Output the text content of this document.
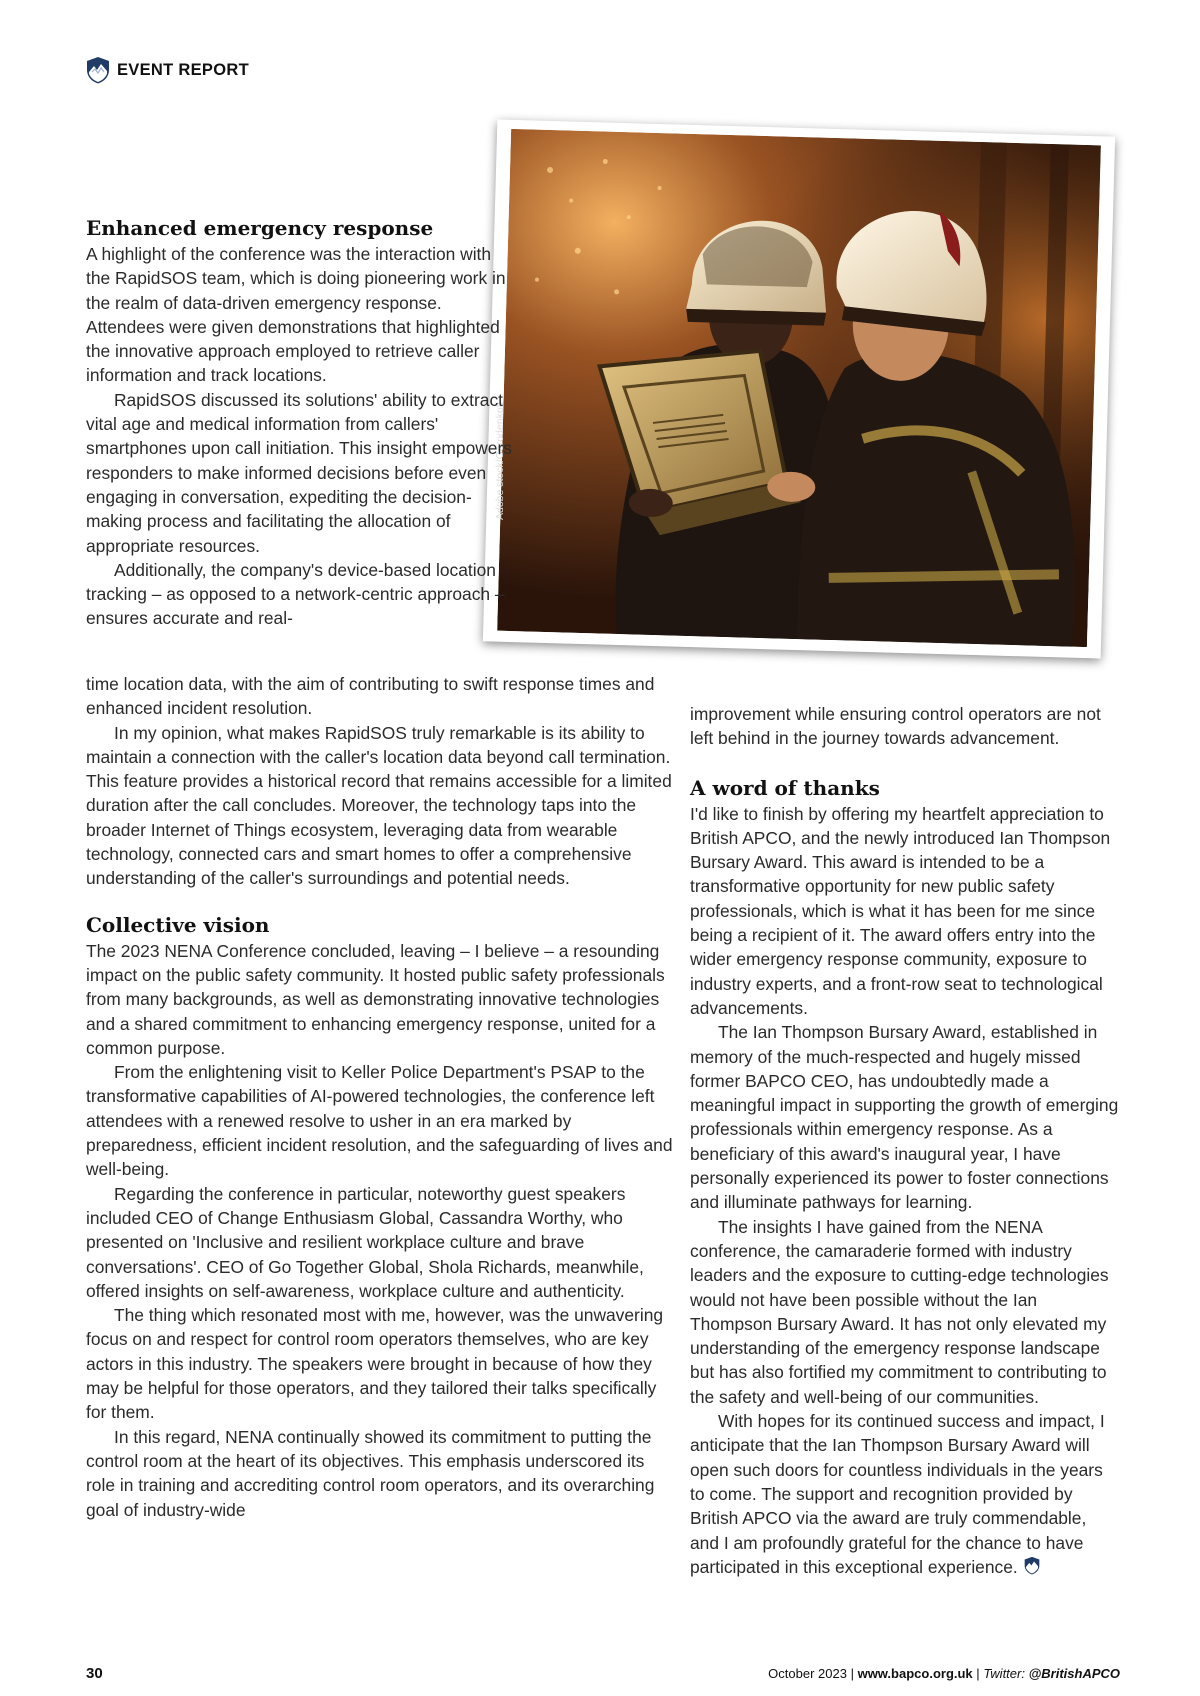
EVENT REPORT
Adobe stock/Gorodenkoff
Enhanced emergency response

A highlight of the conference was the interaction with the RapidSOS team, which is doing pioneering work in the realm of data-driven emergency response. Attendees were given demonstrations that highlighted the innovative approach employed to retrieve caller information and track locations.

RapidSOS discussed its solutions' ability to extract vital age and medical information from callers' smartphones upon call initiation. This insight empowers responders to make informed decisions before even engaging in conversation, expediting the decision-making process and facilitating the allocation of appropriate resources.

Additionally, the company's device-based location tracking – as opposed to a network-centric approach – ensures accurate and real-

time location data, with the aim of contributing to swift response times and enhanced incident resolution.

In my opinion, what makes RapidSOS truly remarkable is its ability to maintain a connection with the caller's location data beyond call termination. This feature provides a historical record that remains accessible for a limited duration after the call concludes. Moreover, the technology taps into the broader Internet of Things ecosystem, leveraging data from wearable technology, connected cars and smart homes to offer a comprehensive understanding of the caller's surroundings and potential needs.

Collective vision

The 2023 NENA Conference concluded, leaving – I believe – a resounding impact on the public safety community. It hosted public safety professionals from many backgrounds, as well as demonstrating innovative technologies and a shared commitment to enhancing emergency response, united for a common purpose.

From the enlightening visit to Keller Police Department's PSAP to the transformative capabilities of AI-powered technologies, the conference left attendees with a renewed resolve to usher in an era marked by preparedness, efficient incident resolution, and the safeguarding of lives and well-being.

Regarding the conference in particular, noteworthy guest speakers included CEO of Change Enthusiasm Global, Cassandra Worthy, who presented on 'Inclusive and resilient workplace culture and brave conversations'. CEO of Go Together Global, Shola Richards, meanwhile, offered insights on self-awareness, workplace culture and authenticity.

The thing which resonated most with me, however, was the unwavering focus on and respect for control room operators themselves, who are key actors in this industry. The speakers were brought in because of how they may be helpful for those operators, and they tailored their talks specifically for them.

In this regard, NENA continually showed its commitment to putting the control room at the heart of its objectives. This emphasis underscored its role in training and accrediting control room operators, and its overarching goal of industry-wide

improvement while ensuring control operators are not left behind in the journey towards advancement.

A word of thanks

I'd like to finish by offering my heartfelt appreciation to British APCO, and the newly introduced Ian Thompson Bursary Award. This award is intended to be a transformative opportunity for new public safety professionals, which is what it has been for me since being a recipient of it. The award offers entry into the wider emergency response community, exposure to industry experts, and a front-row seat to technological advancements.

The Ian Thompson Bursary Award, established in memory of the much-respected and hugely missed former BAPCO CEO, has undoubtedly made a meaningful impact in supporting the growth of emerging professionals within emergency response. As a beneficiary of this award's inaugural year, I have personally experienced its power to foster connections and illuminate pathways for learning.

The insights I have gained from the NENA conference, the camaraderie formed with industry leaders and the exposure to cutting-edge technologies would not have been possible without the Ian Thompson Bursary Award. It has not only elevated my understanding of the emergency response landscape but has also fortified my commitment to contributing to the safety and well-being of our communities.

With hopes for its continued success and impact, I anticipate that the Ian Thompson Bursary Award will open such doors for countless individuals in the years to come. The support and recognition provided by British APCO via the award are truly commendable, and I am profoundly grateful for the chance to have participated in this exceptional experience.

30	October 2023 | www.bapco.org.uk | Twitter: @BritishAPCO
